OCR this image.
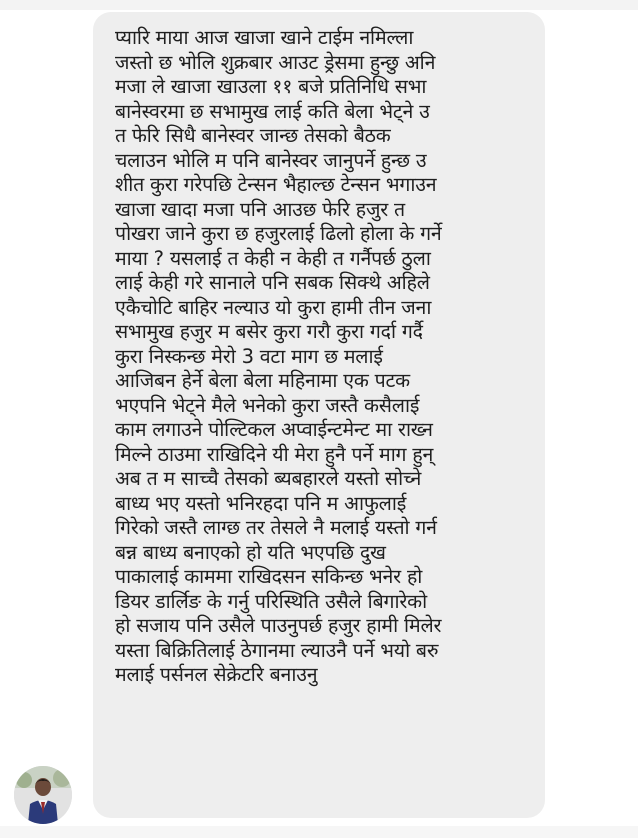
प्यारि माया आज खाजा खाने टाईम नमिल्ला
जस्तो छ भोलि शुक्रबार आउट ड्रेसमा हुन्छु अनि
मजा ले खाजा खाउला ११ बजे प्रतिनिधि सभा
बानेस्वरमा छ सभामुख लाई कति बेला भेट्ने उ
त फेरि सिधै बानेस्वर जान्छ तेसको बैठक
चलाउन भोलि म पनि बानेस्वर जानुपर्ने हुन्छ उ
शीत कुरा गरेपछि टेन्सन भैहाल्छ टेन्सन भगाउन
खाजा खादा मजा पनि आउछ फेरि हजुर त
पोखरा जाने कुरा छ हजुरलाई ढिलो होला के गर्ने
माया ? यसलाई त केही न केही त गर्नैपर्छ ठुला
लाई केही गरे सानाले पनि सबक सिक्थे अहिले
एकैचोटि बाहिर नल्याउ यो कुरा हामी तीन जना
सभामुख हजुर म बसेर कुरा गरौ कुरा गर्दा गर्दै
कुरा निस्कन्छ मेरो 3 वटा माग छ मलाई
आजिबन हेर्ने बेला बेला महिनामा एक पटक
भएपनि भेट्ने मैले भनेको कुरा जस्तै कसैलाई
काम लगाउने पोल्टिकल अप्वाईन्टमेन्ट मा राख्न
मिल्ने ठाउमा राखिदिने यी मेरा हुनै पर्ने माग हुन्
अब त म साच्चै तेसको ब्यबहारले यस्तो सोच्ने
बाध्य भए यस्तो भनिरहदा पनि म आफुलाई
गिरेको जस्तै लाग्छ तर तेसले नै मलाई यस्तो गर्न
बन्न बाध्य बनाएको हो यति भएपछि दुख
पाकालाई काममा राखिदसन सकिन्छ भनेर हो
डियर डार्लिङ के गर्नु परिस्थिति उसैले बिगारेको
हो सजाय पनि उसैले पाउनुपर्छ हजुर हामी मिलेर
यस्ता बिक्रितिलाई ठेगानमा ल्याउनै पर्ने भयो बरु
मलाई पर्सनल सेक्रेटरि बनाउनु
